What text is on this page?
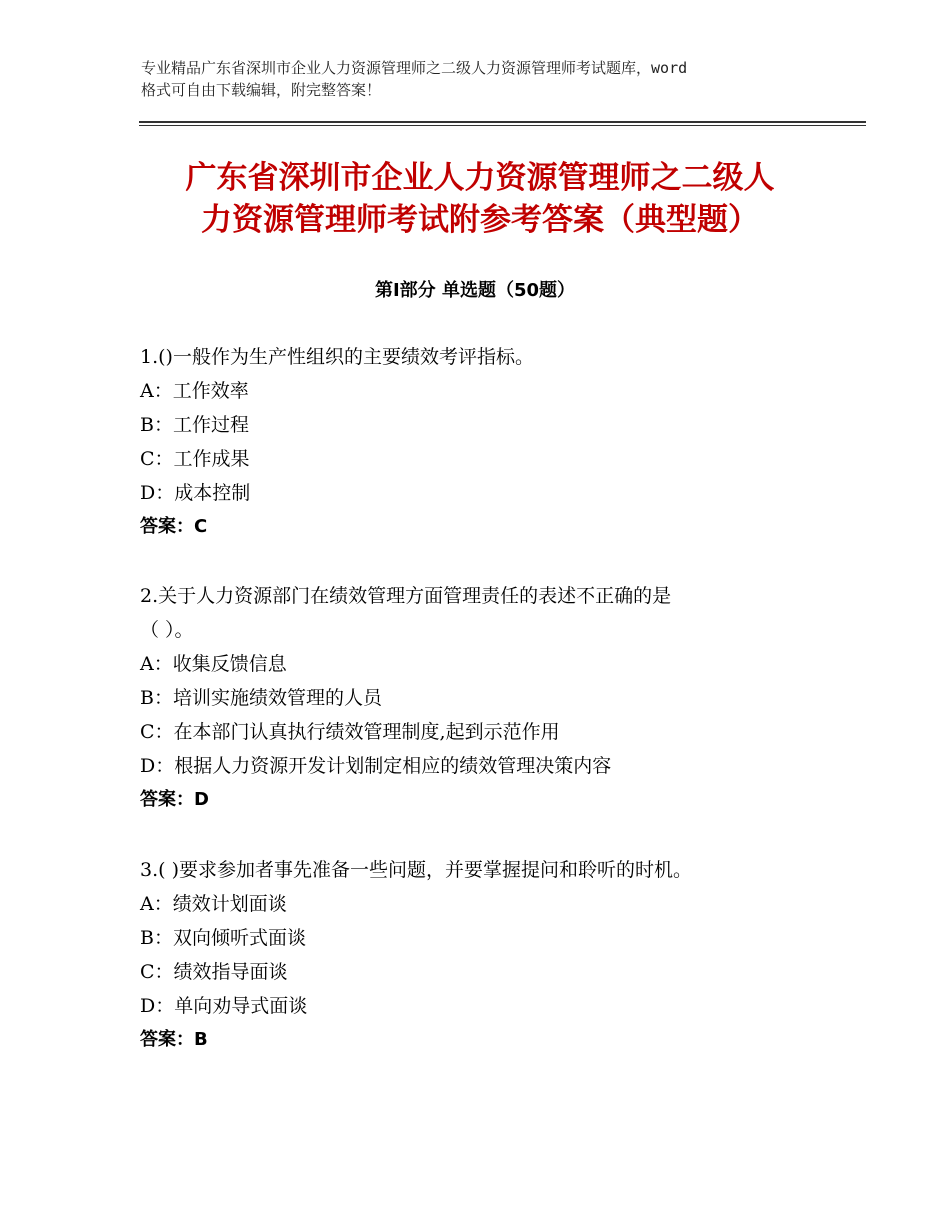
专业精品广东省深圳市企业人力资源管理师之二级人力资源管理师考试题库，word
格式可自由下载编辑，附完整答案！
广东省深圳市企业人力资源管理师之二级人
力资源管理师考试附参考答案（典型题）
第Ⅰ部分 单选题（50题）

1.()一般作为生产性组织的主要绩效考评指标。

A：工作效率

B：工作过程

C：工作成果

D：成本控制

答案：C

2.关于人力资源部门在绩效管理方面管理责任的表述不正确的是

（ ）。

A：收集反馈信息

B：培训实施绩效管理的人员

C：在本部门认真执行绩效管理制度,起到示范作用

D：根据人力资源开发计划制定相应的绩效管理决策内容

答案：D

3.( )要求参加者事先准备一些问题，并要掌握提问和聆听的时机。

A：绩效计划面谈

B：双向倾听式面谈

C：绩效指导面谈

D：单向劝导式面谈

答案：B
